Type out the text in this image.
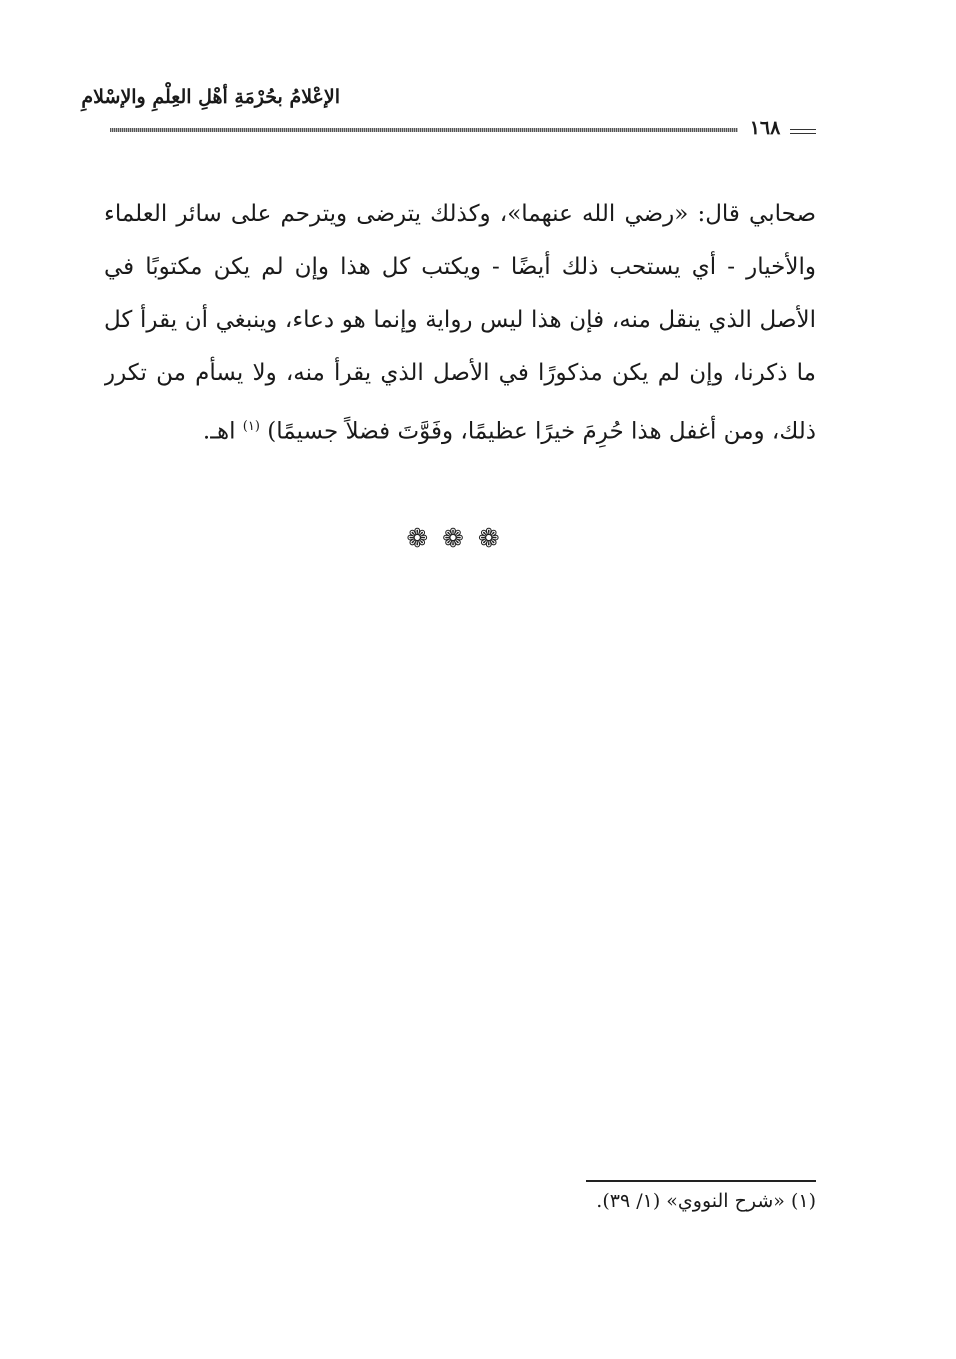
الإعْلامُ بحُرْمَةِ أهْلِ العِلْمِ والإسْلامِ
١٦٨
صحابي قال: «رضي الله عنهما»، وكذلك يترضى ويترحم على سائر العلماء
والأخيار - أي يستحب ذلك أيضًا - ويكتب كل هذا وإن لم يكن مكتوبًا في
الأصل الذي ينقل منه، فإن هذا ليس رواية وإنما هو دعاء، وينبغي أن يقرأ كل
ما ذكرنا، وإن لم يكن مذكورًا في الأصل الذي يقرأ منه، ولا يسأم من تكرر
ذلك، ومن أغفل هذا حُرِمَ خيرًا عظيمًا، وفَوَّتَ فضلاً جسيمًا) $^{(١)}$ اهـ.
❁❁❁
(١) «شرح النووي» (١/ ٣٩).
